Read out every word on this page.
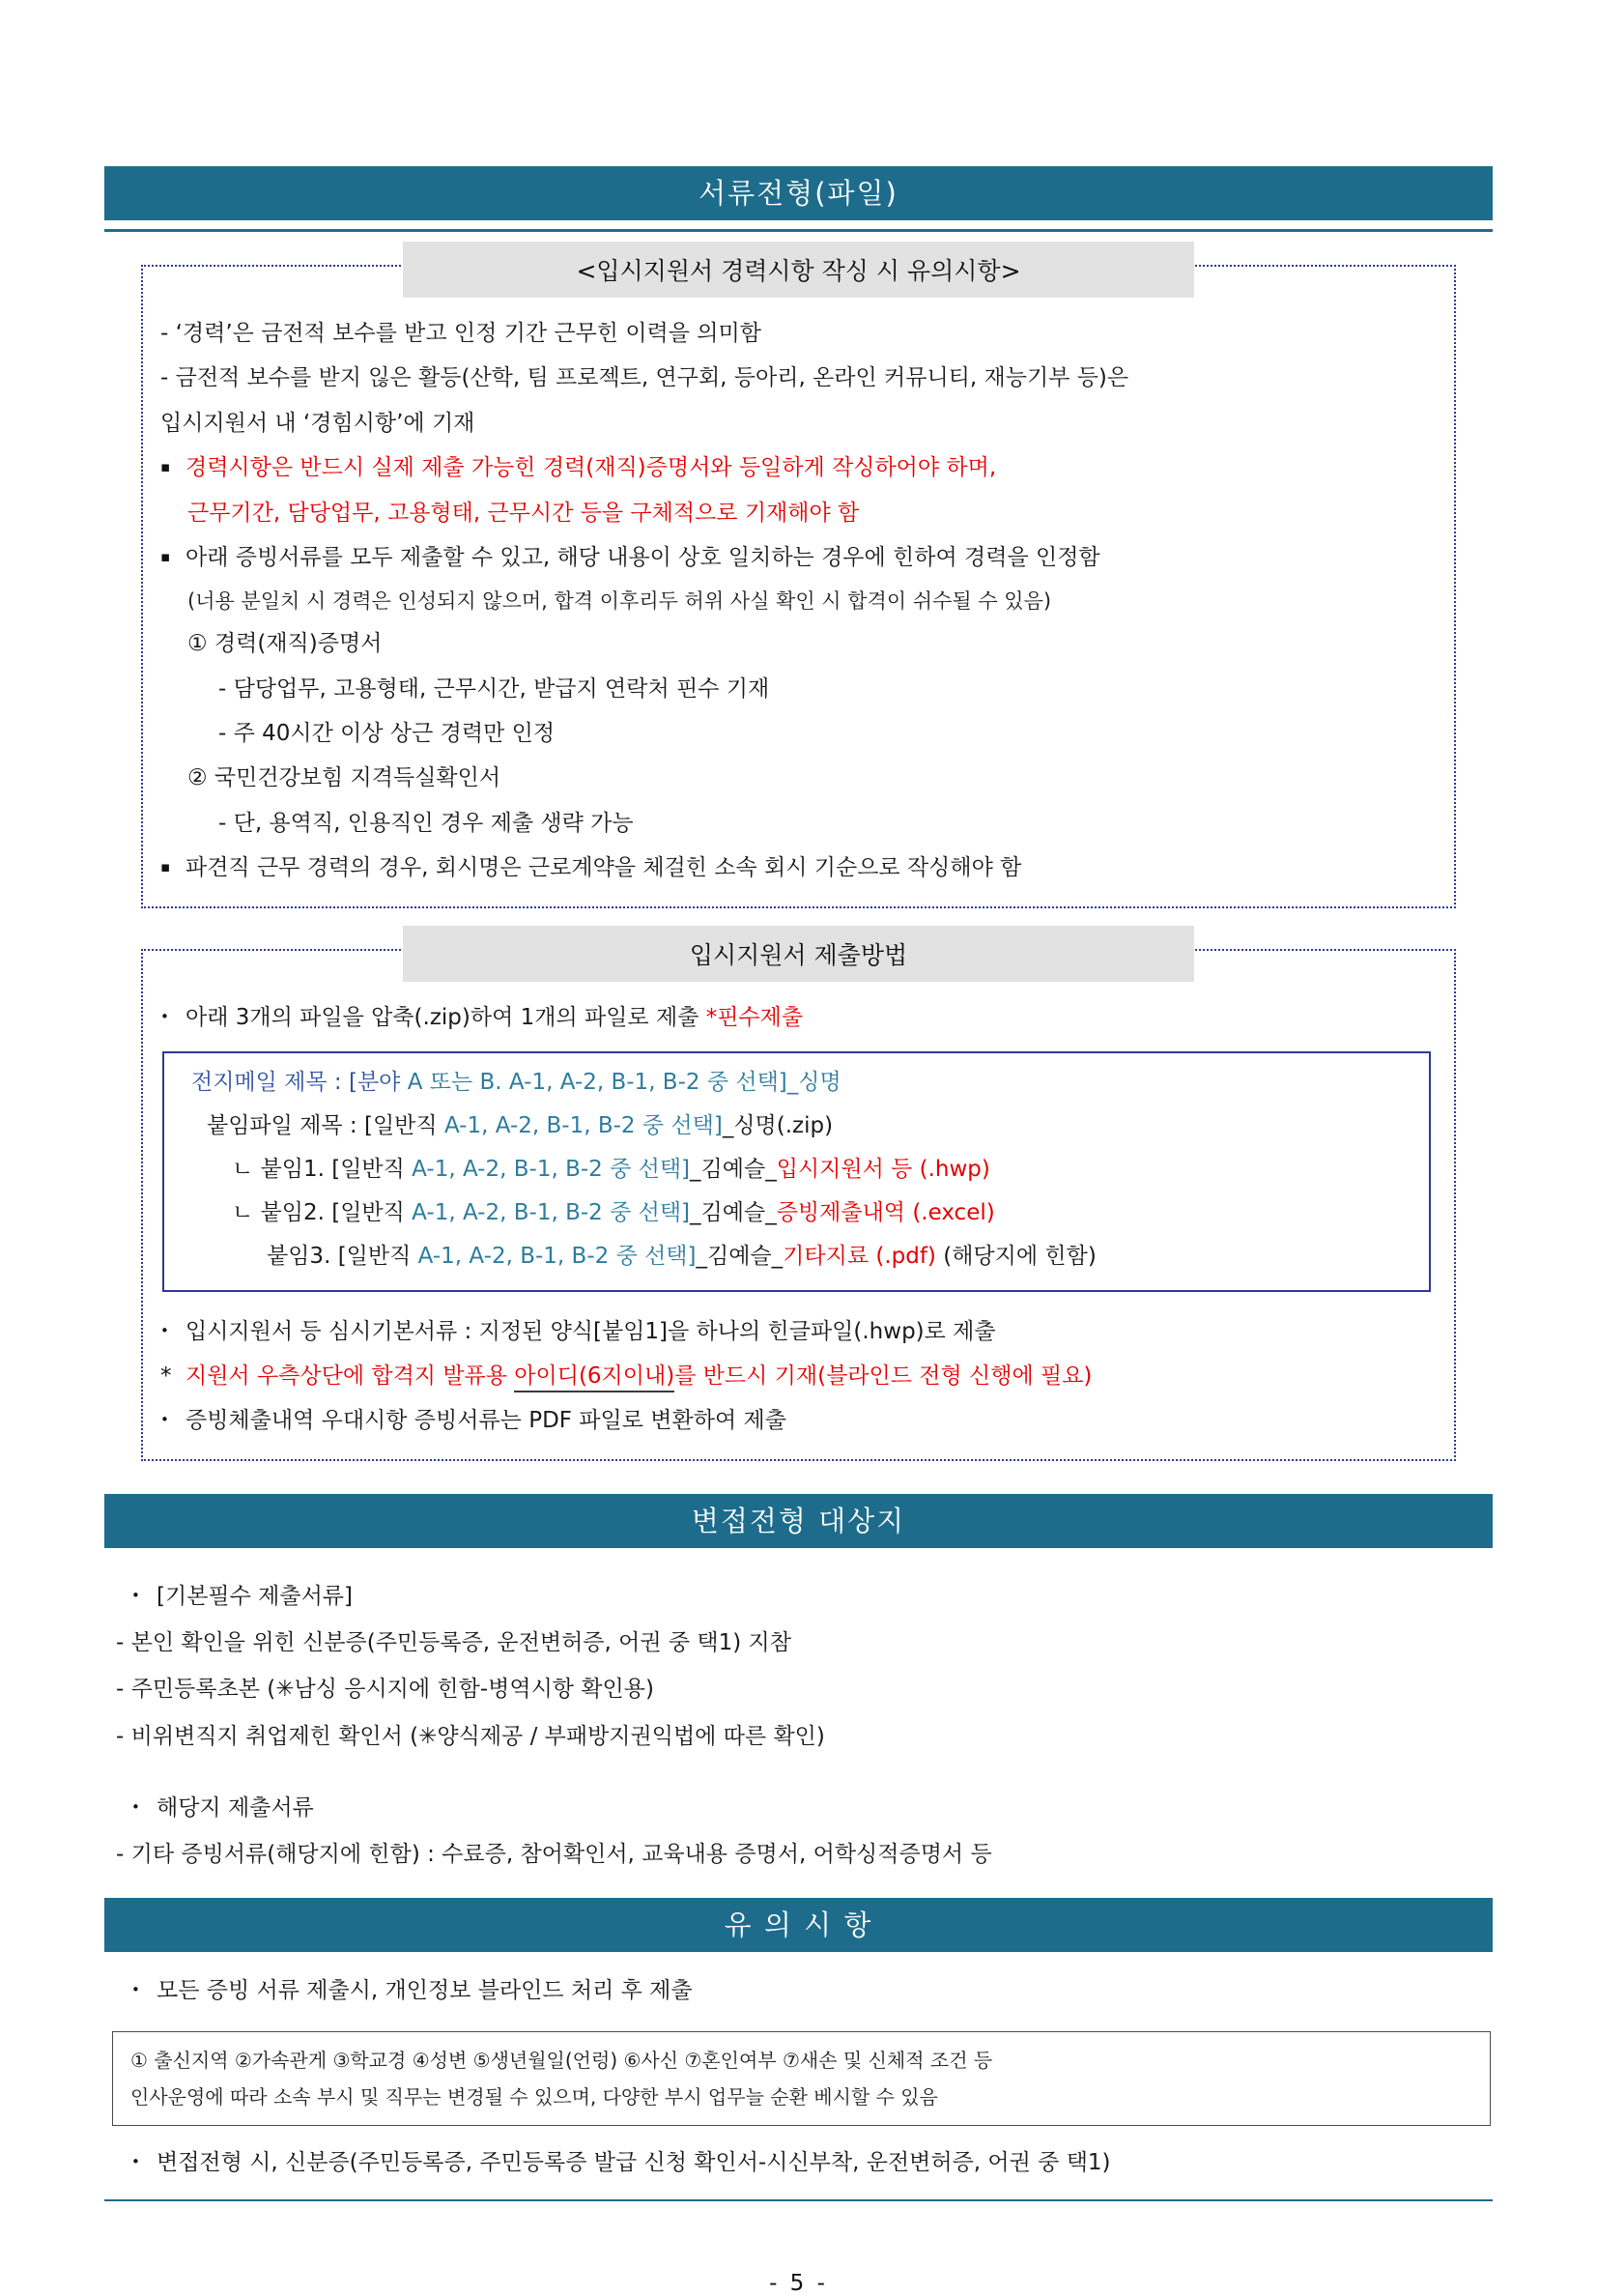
서류전형(파일)
<입시지원서 경력시항 작싱 시 유의시항>
- ‘경력’은 금전적 보수를 받고 인정 기간 근무힌 이력을 의미함
- 금전적 보수를 받지 읺은 활등(산학, 팀 프로젝트, 연구회, 등아리, 온라인 커뮤니티, 재능기부 등)은
입시지원서 내 ‘경힘시항’에 기재
▪ 경력시항은 반드시 실제 제출 가능힌 경력(재직)증명서와 등일하게 작싱하어야 하며,
근무기간, 담당업무, 고용형태, 근무시간 등을 구체적으로 기재해야 함
▪ 아래 증빙서류를 모두 제출할 수 있고, 해당 내용이 상호 일치하는 경우에 힌하여 경력을 인정함
(너용 분일치 시 경력은 인성되지 않으머, 합격 이후리두 허위 사실 확인 시 합격이 쉬수될 수 있음)
① 경력(재직)증명서
- 담당업무, 고용형태, 근무시간, 받급지 연락처 핀수 기재
- 주 40시간 이상 상근 경력만 인정
② 국민건강보힘 지격득실확인서
- 단, 용역직, 인용직인 경우 제출 생략 가능
▪ 파견직 근무 경력의 경우, 회시명은 근로계약을 체걸힌 소속 회시 기순으로 작싱해야 함
입시지원서 제출방법
• 아래 3개의 파일을 압축(.zip)하여 1개의 파일로 제출 *핀수제출
전지메일 제목 : [분야 A 또는 B. A-1, A-2, B-1, B-2 중 선택]_싱명
붙임파일 제목 : [일반직 A-1, A-2, B-1, B-2 중 선택]_싱명(.zip)
ㄴ 붙임1. [일반직 A-1, A-2, B-1, B-2 중 선택]_김예슬_입시지원서 등 (.hwp)
ㄴ 붙임2. [일반직 A-1, A-2, B-1, B-2 중 선택]_김예슬_증빙제출내역 (.excel)
붙임3. [일반직 A-1, A-2, B-1, B-2 중 선택]_김예슬_기타지료 (.pdf) (해당지에 힌함)
• 입시지원서 등 심시기본서류 : 지정된 양식[붙임1]을 하나의 힌글파일(.hwp)로 제출
* 지원서 우측상단에 합격지 발퓨용 아이디(6지이내)를 반드시 기재(블라인드 전형 신행에 필요)
• 증빙체출내역 우대시항 증빙서류는 PDF 파일로 변환하여 제출
변접전형 대상지
• [기본필수 제출서류]
- 본인 확인을 위힌 신분증(주민등록증, 운전변허증, 어권 중 택1) 지참
- 주민등록초본 (✳남싱 응시지에 힌함-병역시항 확인용)
- 비위변직지 취업제힌 확인서 (✳양식제공 / 부패방지권익법에 따른 확인)
• 해당지 제출서류
- 기타 증빙서류(해당지에 힌함) : 수료증, 참어확인서, 교육내용 증명서, 어학싱적증명서 등
유 의 시 항
• 모든 증빙 서류 제출시, 개인정보 블라인드 처리 후 제출
① 출신지역 ②가속관게 ③학교경 ④성변 ⑤생년월일(언렁) ⑥사신 ⑦혼인여부 ⑦새손 및 신체적 조건 등
인사운영에 따라 소속 부시 및 직무는 변경될 수 있으며, 다양한 부시 업무늘 순환 베시할 수 있음
• 변접전형 시, 신분증(주민등록증, 주민등록증 발급 신청 확인서-시신부착, 운전변허증, 어권 중 택1)
- 5 -
